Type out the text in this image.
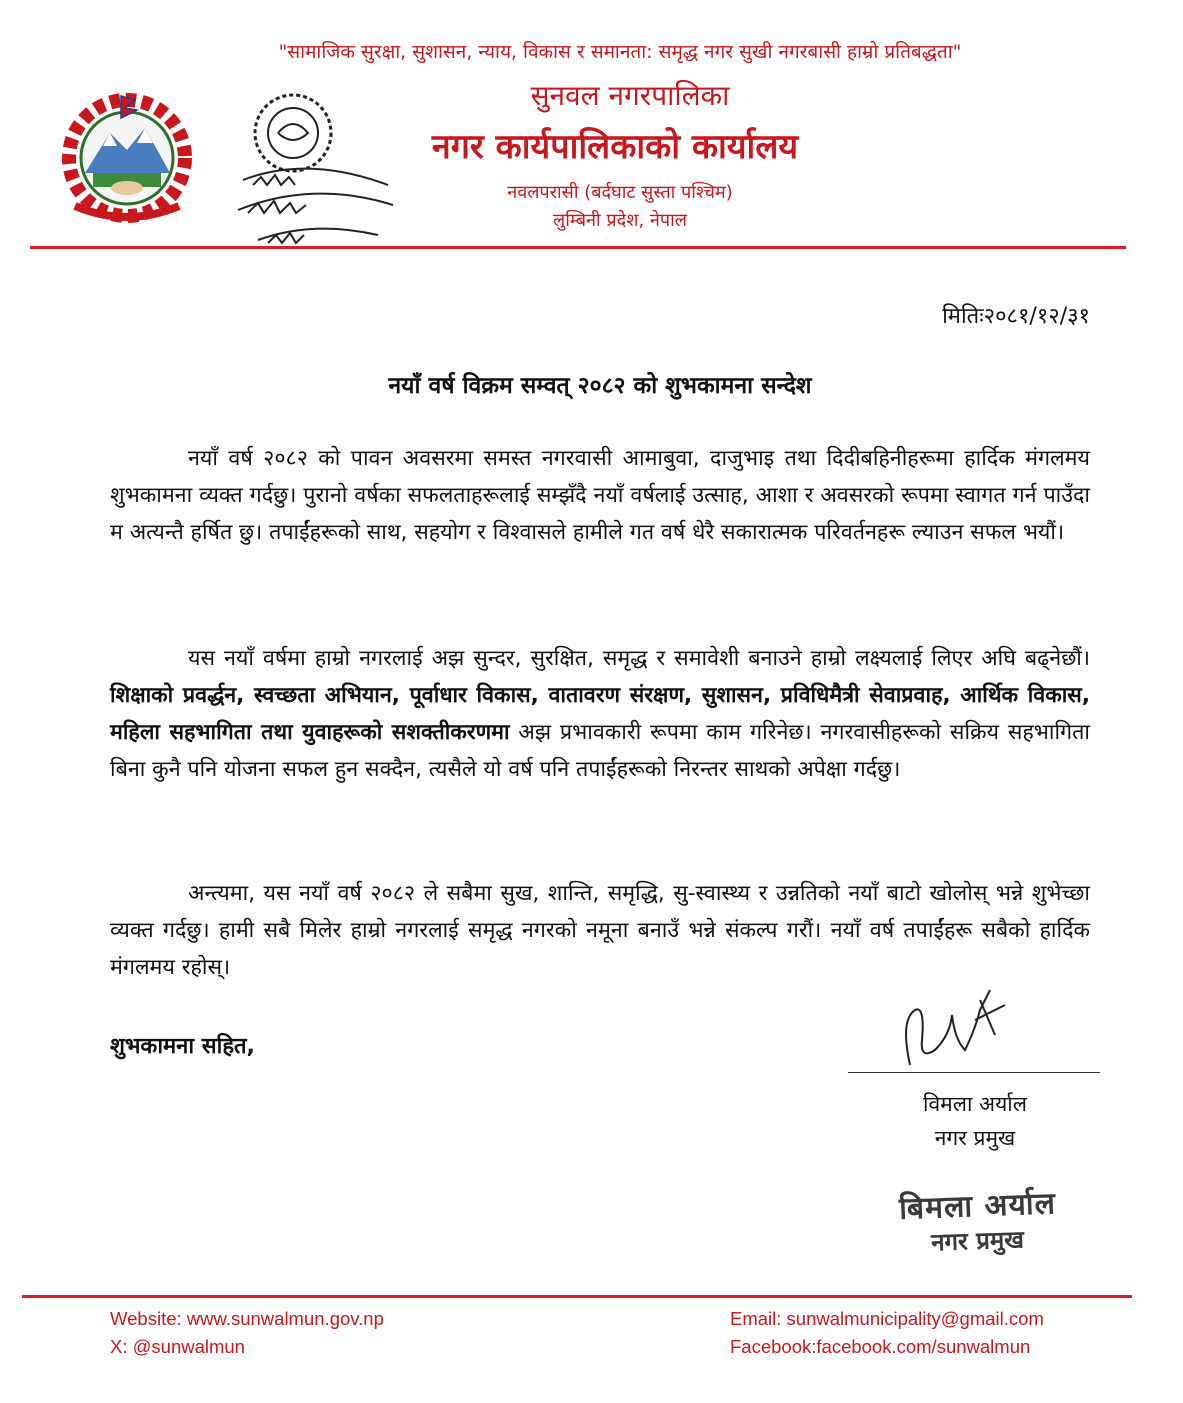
"सामाजिक सुरक्षा, सुशासन, न्याय, विकास र समानता: समृद्ध नगर सुखी नगरबासी हाम्रो प्रतिबद्धता"
सुनवल नगरपालिका
नगर कार्यपालिकाको कार्यालय
नवलपरासी (बर्दघाट सुस्ता पश्चिम)
लुम्बिनी प्रदेश, नेपाल
मितिः२०८१/१२/३१
नयाँ वर्ष विक्रम सम्वत् २०८२ को शुभकामना सन्देश
नयाँ वर्ष २०८२ को पावन अवसरमा समस्त नगरवासी आमाबुवा, दाजुभाइ तथा दिदीबहिनीहरूमा हार्दिक मंगलमय शुभकामना व्यक्त गर्दछु। पुरानो वर्षका सफलताहरूलाई सम्झँदै नयाँ वर्षलाई उत्साह, आशा र अवसरको रूपमा स्वागत गर्न पाउँदा म अत्यन्तै हर्षित छु। तपाईंहरूको साथ, सहयोग र विश्वासले हामीले गत वर्ष धेरै सकारात्मक परिवर्तनहरू ल्याउन सफल भयौं।
यस नयाँ वर्षमा हाम्रो नगरलाई अझ सुन्दर, सुरक्षित, समृद्ध र समावेशी बनाउने हाम्रो लक्ष्यलाई लिएर अघि बढ्नेछौं। शिक्षाको प्रवर्द्धन, स्वच्छता अभियान, पूर्वाधार विकास, वातावरण संरक्षण, सुशासन, प्रविधिमैत्री सेवाप्रवाह, आर्थिक विकास, महिला सहभागिता तथा युवाहरूको सशक्तीकरणमा अझ प्रभावकारी रूपमा काम गरिनेछ। नगरवासीहरूको सक्रिय सहभागिता बिना कुनै पनि योजना सफल हुन सक्दैन, त्यसैले यो वर्ष पनि तपाईंहरूको निरन्तर साथको अपेक्षा गर्दछु।
अन्त्यमा, यस नयाँ वर्ष २०८२ ले सबैमा सुख, शान्ति, समृद्धि, सु-स्वास्थ्य र उन्नतिको नयाँ बाटो खोलोस् भन्ने शुभेच्छा व्यक्त गर्दछु। हामी सबै मिलेर हाम्रो नगरलाई समृद्ध नगरको नमूना बनाउँ भन्ने संकल्प गरौं। नयाँ वर्ष तपाईंहरू सबैको हार्दिक मंगलमय रहोस्।
शुभकामना सहित,
विमला अर्याल
नगर प्रमुख
बिमला अर्याल
नगर प्रमुख
Website: www.sunwalmun.gov.np
X: @sunwalmun
Email: sunwalmunicipality@gmail.com
Facebook:facebook.com/sunwalmun
